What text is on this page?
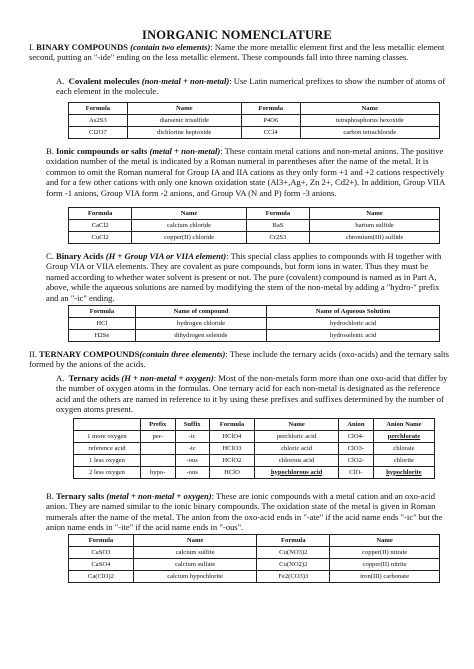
INORGANIC NOMENCLATURE
I. BINARY COMPOUNDS (contain two elements): Name the more metallic element first and the less metallic element second, putting an "-ide" ending on the less metallic element. These compounds fall into three naming classes.
A. Covalent molecules (non-metal + non-metal): Use Latin numerical prefixes to show the number of atoms of each element in the molecule.
Formula	Name	Formula	Name
As2S3	diarsenic trisulfide	P4O6	tetraphosphorus hexoxide
Cl2O7	dichlorine heptoxide	CCl4	carbon tetrachloride
B. Ionic compounds or salts (metal + non-metal): These contain metal cations and non-metal anions. The positive oxidation number of the metal is indicated by a Roman numeral in parentheses after the name of the metal. It is common to omit the Roman numeral for Group IA and IIA cations as they only form +1 and +2 cations respectively and for a few other cations with only one known oxidation state (Al3+,Ag+, Zn 2+, Cd2+). In addition, Group VIIA form -1 anions, Group VIA form -2 anions, and Group VA (N and P) form -3 anions.
Formula	Name	Formula	Name
CaCl2	calcium chloride	BaS	barium sulfide
CuCl2	copper(II) chloride	Cr2S3	chromium(III) sulfide
C. Binary Acids (H + Group VIA or VIIA element): This special class applies to compounds with H together with Group VIA or VIIA elements. They are covalent as pure compounds, but form ions in water. Thus they must be named according to whether water solvent is present or not. The pure (covalent) compound is named as in Part A, above, while the aqueous solutions are named by modifying the stem of the non-metal by adding a "hydro-" prefix and an "-ic" ending.
Formula	Name of compound	Name of Aqueous Solution
HCl	hydrogen chloride	hydrochloric acid
H2Se	dihydrogen selenide	hydroselenic acid
II. TERNARY COMPOUNDS(contain three elements): These include the ternary acids (oxo-acids) and the ternary salts formed by the anions of the acids.
A. Ternary acids (H + non-metal + oxygen): Most of the non-metals form more than one oxo-acid that differ by the number of oxygen atoms in the formulas. One ternary acid for each non-metal is designated as the reference acid and the others are named in reference to it by using these prefixes and suffixes determined by the number of oxygen atoms present.
	Prefix	Suffix	Formula	Name	Anion	Anion Name
1 more oxygen	per-	-ic	HClO4	perchloric acid	ClO4-	perchlorate
reference acid		-ic	HClO3	chloric acid	ClO3-	chlorate
1 less oxygen		-ous	HClO2	chlorous acid	ClO2-	chlorite
2 less oxygen	hypo-	-ous	HClO	hypochlorous acid	ClO-	hypochlorite
B. Ternary salts (metal + non-metal + oxygen): These are ionic compounds with a metal cation and an oxo-acid anion. They are named similar to the ionic binary compounds. The oxidation state of the metal is given in Roman numerals after the name of the metal. The anion from the oxo-acid ends in "-ate" if the acid name ends "-ic" but the anion name ends in "-ite" if the acid name ends in "-ous".
Formula	Name	Formula	Name
CaSO3	calcium sulfite	Cu(NO3)2	copper(II) nitrate
CaSO4	calcium sulfate	Cu(NO2)2	copper(II) nitrite
Ca(ClO)2	calcium hypochlorite	Fe2(CO3)3	iron(III) carbonate
